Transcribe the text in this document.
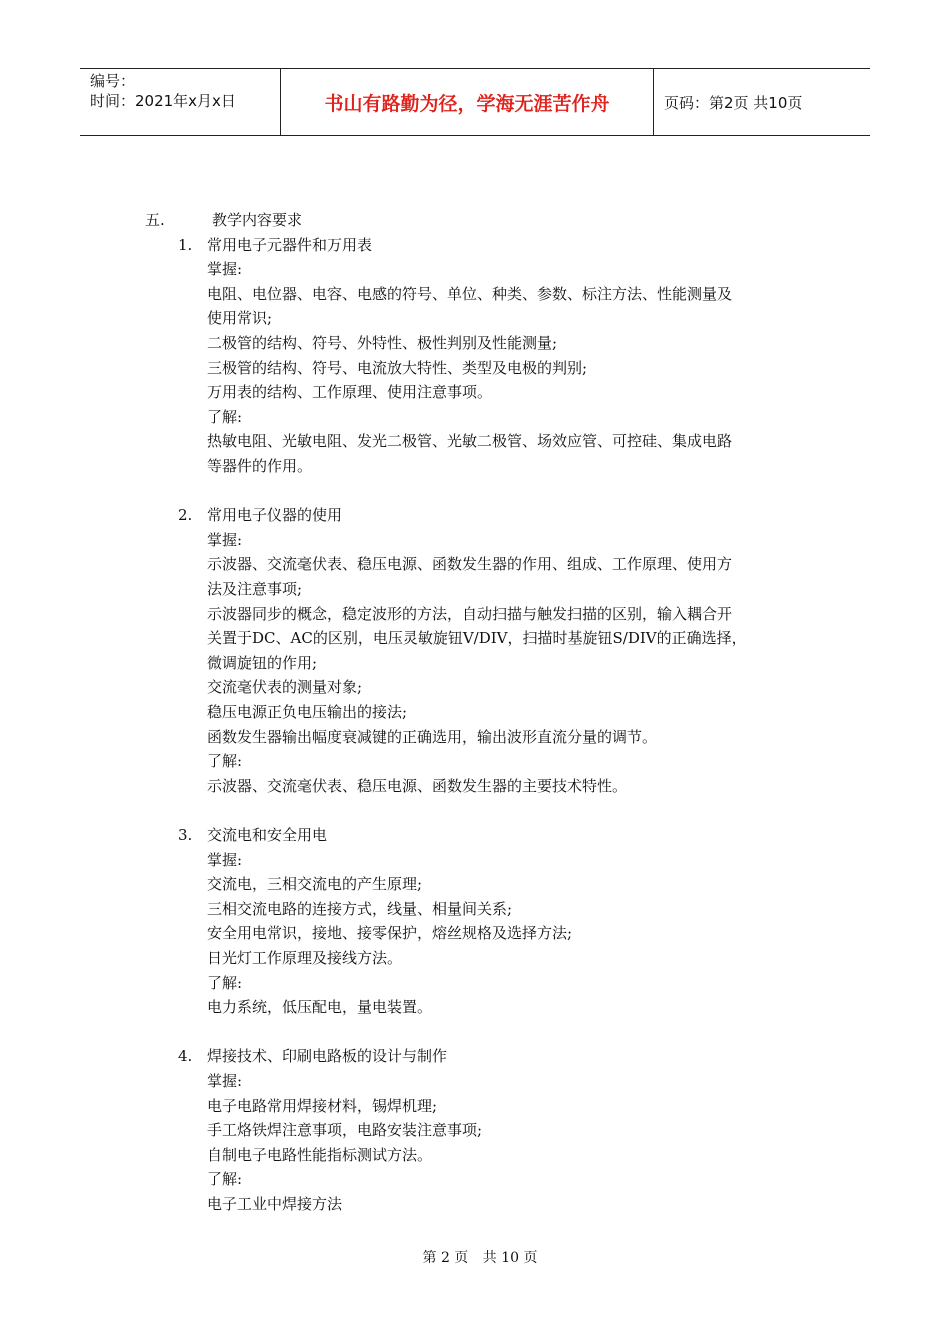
编号：
时间：2021年x月x日	书山有路勤为径，学海无涯苦作舟	页码：第2页 共10页
五.	教学内容要求
1. 常用电子元器件和万用表
掌握:
电阻、电位器、电容、电感的符号、单位、种类、参数、标注方法、性能测量及
使用常识;
二极管的结构、符号、外特性、极性判别及性能测量;
三极管的结构、符号、电流放大特性、类型及电极的判别;
万用表的结构、工作原理、使用注意事项。
了解:
热敏电阻、光敏电阻、发光二极管、光敏二极管、场效应管、可控硅、集成电路
等器件的作用。
2. 常用电子仪器的使用
掌握:
示波器、交流毫伏表、稳压电源、函数发生器的作用、组成、工作原理、使用方
法及注意事项;
示波器同步的概念，稳定波形的方法，自动扫描与触发扫描的区别，输入耦合开
关置于DC、AC的区别，电压灵敏旋钮V/DIV，扫描时基旋钮S/DIV的正确选择，
微调旋钮的作用;
交流毫伏表的测量对象;
稳压电源正负电压输出的接法;
函数发生器输出幅度衰减键的正确选用，输出波形直流分量的调节。
了解:
示波器、交流毫伏表、稳压电源、函数发生器的主要技术特性。
3. 交流电和安全用电
掌握:
交流电，三相交流电的产生原理;
三相交流电路的连接方式，线量、相量间关系;
安全用电常识，接地、接零保护，熔丝规格及选择方法;
日光灯工作原理及接线方法。
了解:
电力系统，低压配电，量电装置。
4. 焊接技术、印刷电路板的设计与制作
掌握:
电子电路常用焊接材料，锡焊机理;
手工烙铁焊注意事项，电路安装注意事项;
自制电子电路性能指标测试方法。
了解:
电子工业中焊接方法
第 2 页 共 10 页
